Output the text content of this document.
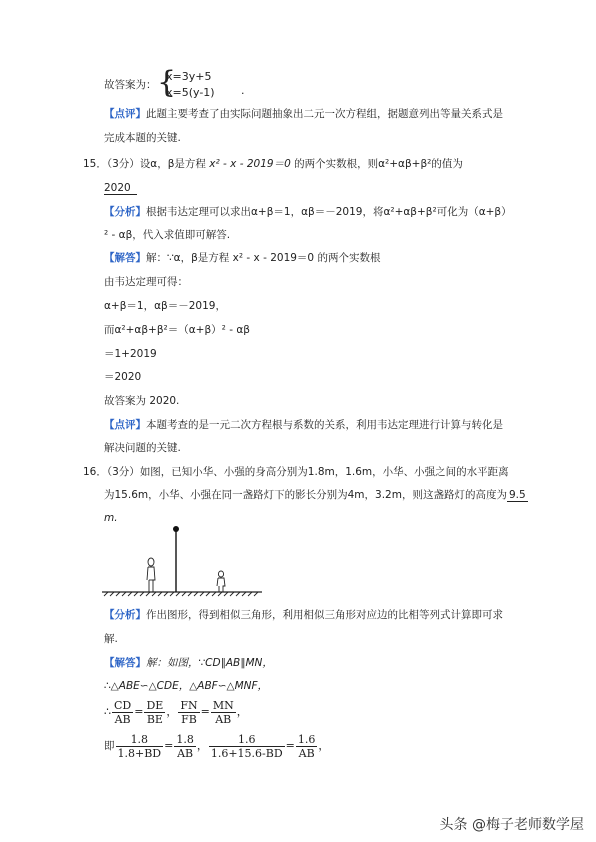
故答案为： {
x=3y+5
x=5(y-1) .
【点评】此题主要考查了由实际问题抽象出二元一次方程组，据题意列出等量关系式是
完成本题的关键.
15．（3分）设α，β是方程 x² - x - 2019＝0 的两个实数根，则α²+αβ+β²的值为
2020
【分析】根据韦达定理可以求出α+β＝1，αβ＝－2019，将α²+αβ+β²可化为（α+β）
² - αβ，代入求值即可解答.
【解答】解：∵α，β是方程 x² - x - 2019＝0 的两个实数根
由韦达定理可得：
α+β＝1，αβ＝－2019，
而α²+αβ+β²＝（α+β）² - αβ
＝1+2019
＝2020
故答案为 2020.
【点评】本题考查的是一元二次方程根与系数的关系，利用韦达定理进行计算与转化是
解决问题的关键.
16．（3分）如图，已知小华、小强的身高分别为1.8m，1.6m，小华、小强之间的水平距离
为15.6m，小华、小强在同一盏路灯下的影长分别为4m，3.2m，则这盏路灯的高度为 9.5
m.
【分析】作出图形，得到相似三角形，利用相似三角形对应边的比相等列式计算即可求
解.
【解答】解：如图，∵CD∥AB∥MN，
∴△ABE∽△CDE，△ABF∽△MNF，
∴ $\frac{CD}{AB} = \frac{DE}{BE}$ ， $\frac{FN}{FB} = \frac{MN}{AB}$ ，
即 $\frac{1.8}{1.8+BD} = \frac{1.8}{AB}$ ， $\frac{1.6}{1.6+15.6-BD} = \frac{1.6}{AB}$ ，
头条 @梅子老师数学屋
